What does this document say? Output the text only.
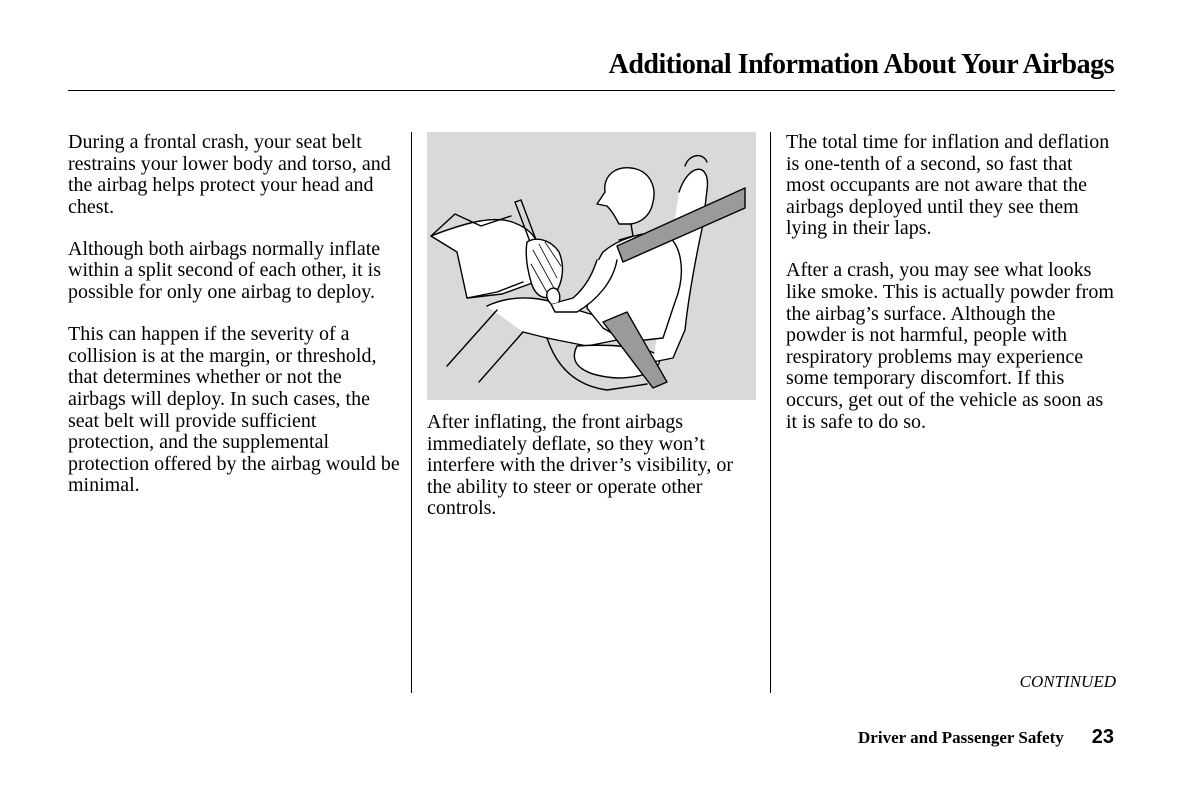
Additional Information About Your Airbags

During a frontal crash, your seat belt restrains your lower body and torso, and the airbag helps protect your head and chest.

Although both airbags normally inflate within a split second of each other, it is possible for only one airbag to deploy.

This can happen if the severity of a collision is at the margin, or threshold, that determines whether or not the airbags will deploy. In such cases, the seat belt will provide sufficient protection, and the supplemental protection offered by the airbag would be minimal.

After inflating, the front airbags immediately deflate, so they won’t interfere with the driver’s visibility, or the ability to steer or operate other controls.

The total time for inflation and deflation is one-tenth of a second, so fast that most occupants are not aware that the airbags deployed until they see them lying in their laps.

After a crash, you may see what looks like smoke. This is actually powder from the airbag’s surface. Although the powder is not harmful, people with respiratory problems may experience some temporary discomfort. If this occurs, get out of the vehicle as soon as it is safe to do so.

CONTINUED
Driver and Passenger Safety 23
